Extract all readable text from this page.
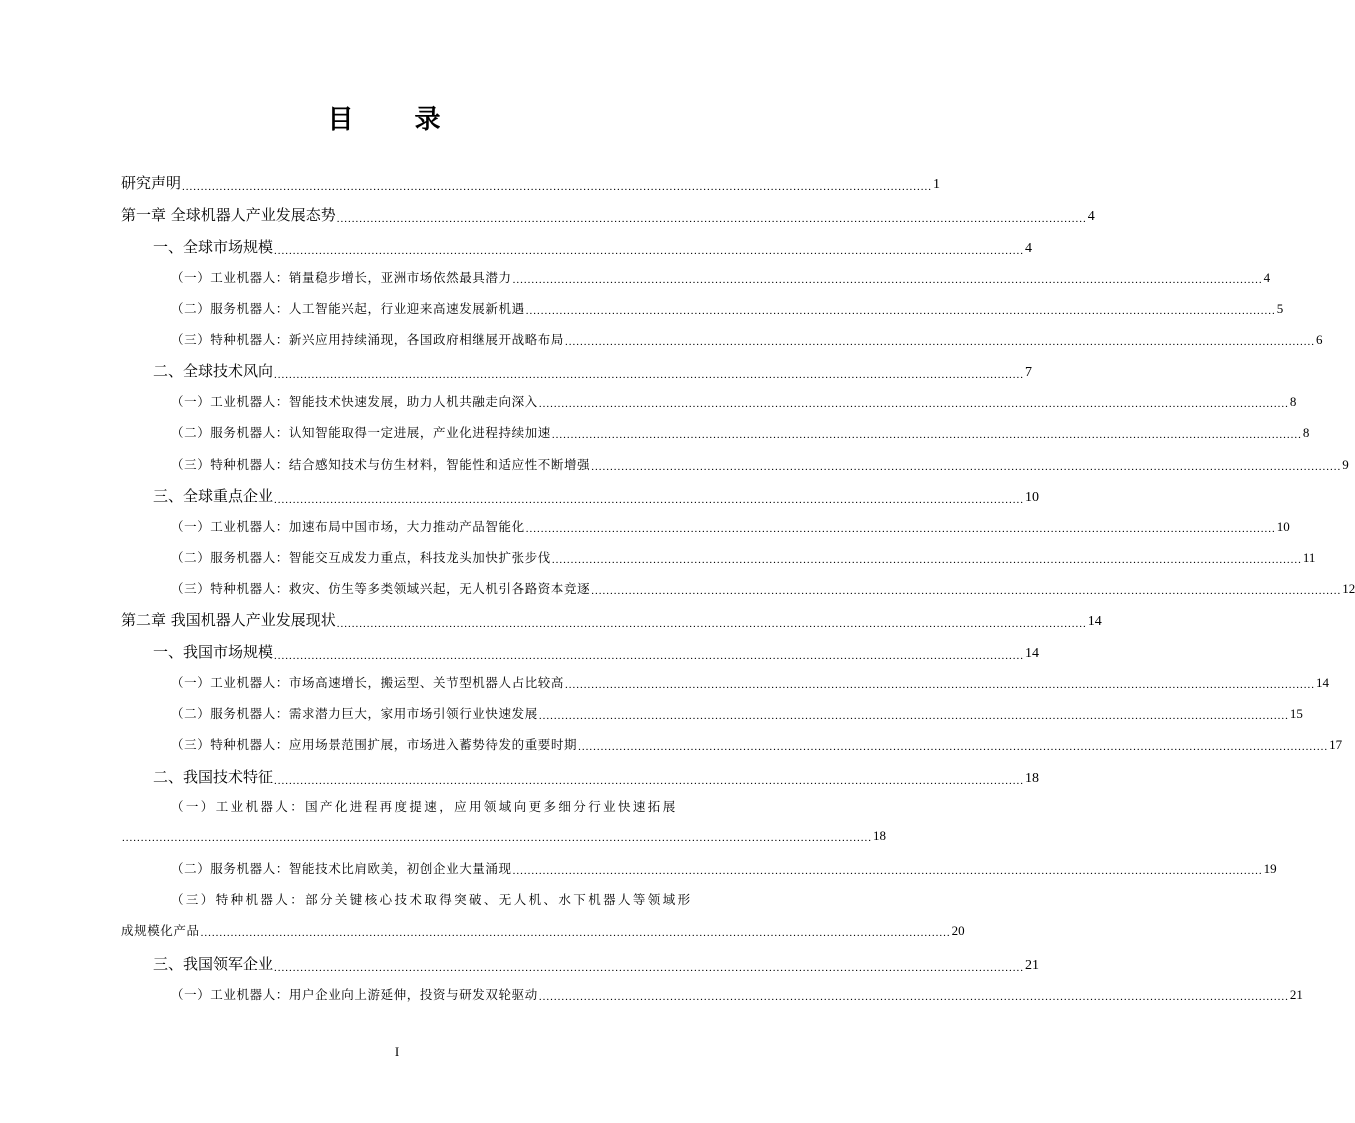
目 录
研究声明 ........................................................................................................................................................................................................ 1
第一章 全球机器人产业发展态势 ........................................................................................................................................................................................................ 4
一、全球市场规模 ........................................................................................................................................................................................................ 4
（一）工业机器人：销量稳步增长，亚洲市场依然最具潜力 ........................................................................................................................................................................................................ 4
（二）服务机器人：人工智能兴起，行业迎来高速发展新机遇 ........................................................................................................................................................................................................ 5
（三）特种机器人：新兴应用持续涌现，各国政府相继展开战略布局 ........................................................................................................................................................................................................ 6
二、全球技术风向 ........................................................................................................................................................................................................ 7
（一）工业机器人：智能技术快速发展，助力人机共融走向深入 ........................................................................................................................................................................................................ 8
（二）服务机器人：认知智能取得一定进展，产业化进程持续加速 ........................................................................................................................................................................................................ 8
（三）特种机器人：结合感知技术与仿生材料，智能性和适应性不断增强 ........................................................................................................................................................................................................ 9
三、全球重点企业 ........................................................................................................................................................................................................ 10
（一）工业机器人：加速布局中国市场，大力推动产品智能化 ........................................................................................................................................................................................................ 10
（二）服务机器人：智能交互成发力重点，科技龙头加快扩张步伐 ........................................................................................................................................................................................................ 11
（三）特种机器人：救灾、仿生等多类领域兴起，无人机引各路资本竞逐 ........................................................................................................................................................................................................ 12
第二章 我国机器人产业发展现状 ........................................................................................................................................................................................................ 14
一、我国市场规模 ........................................................................................................................................................................................................ 14
（一）工业机器人：市场高速增长，搬运型、关节型机器人占比较高 ........................................................................................................................................................................................................ 14
（二）服务机器人：需求潜力巨大，家用市场引领行业快速发展 ........................................................................................................................................................................................................ 15
（三）特种机器人：应用场景范围扩展，市场进入蓄势待发的重要时期 ........................................................................................................................................................................................................ 17
二、我国技术特征 ........................................................................................................................................................................................................ 18
（一）工业机器人：国产化进程再度提速，应用领域向更多细分行业快速拓展
........................................................................................................................................................................................................ 18
（二）服务机器人：智能技术比肩欧美，初创企业大量涌现 ........................................................................................................................................................................................................ 19
（三）特种机器人：部分关键核心技术取得突破、无人机、水下机器人等领域形
成规模化产品 ........................................................................................................................................................................................................ 20
三、我国领军企业 ........................................................................................................................................................................................................ 21
（一）工业机器人：用户企业向上游延伸，投资与研发双轮驱动 ........................................................................................................................................................................................................ 21
I
